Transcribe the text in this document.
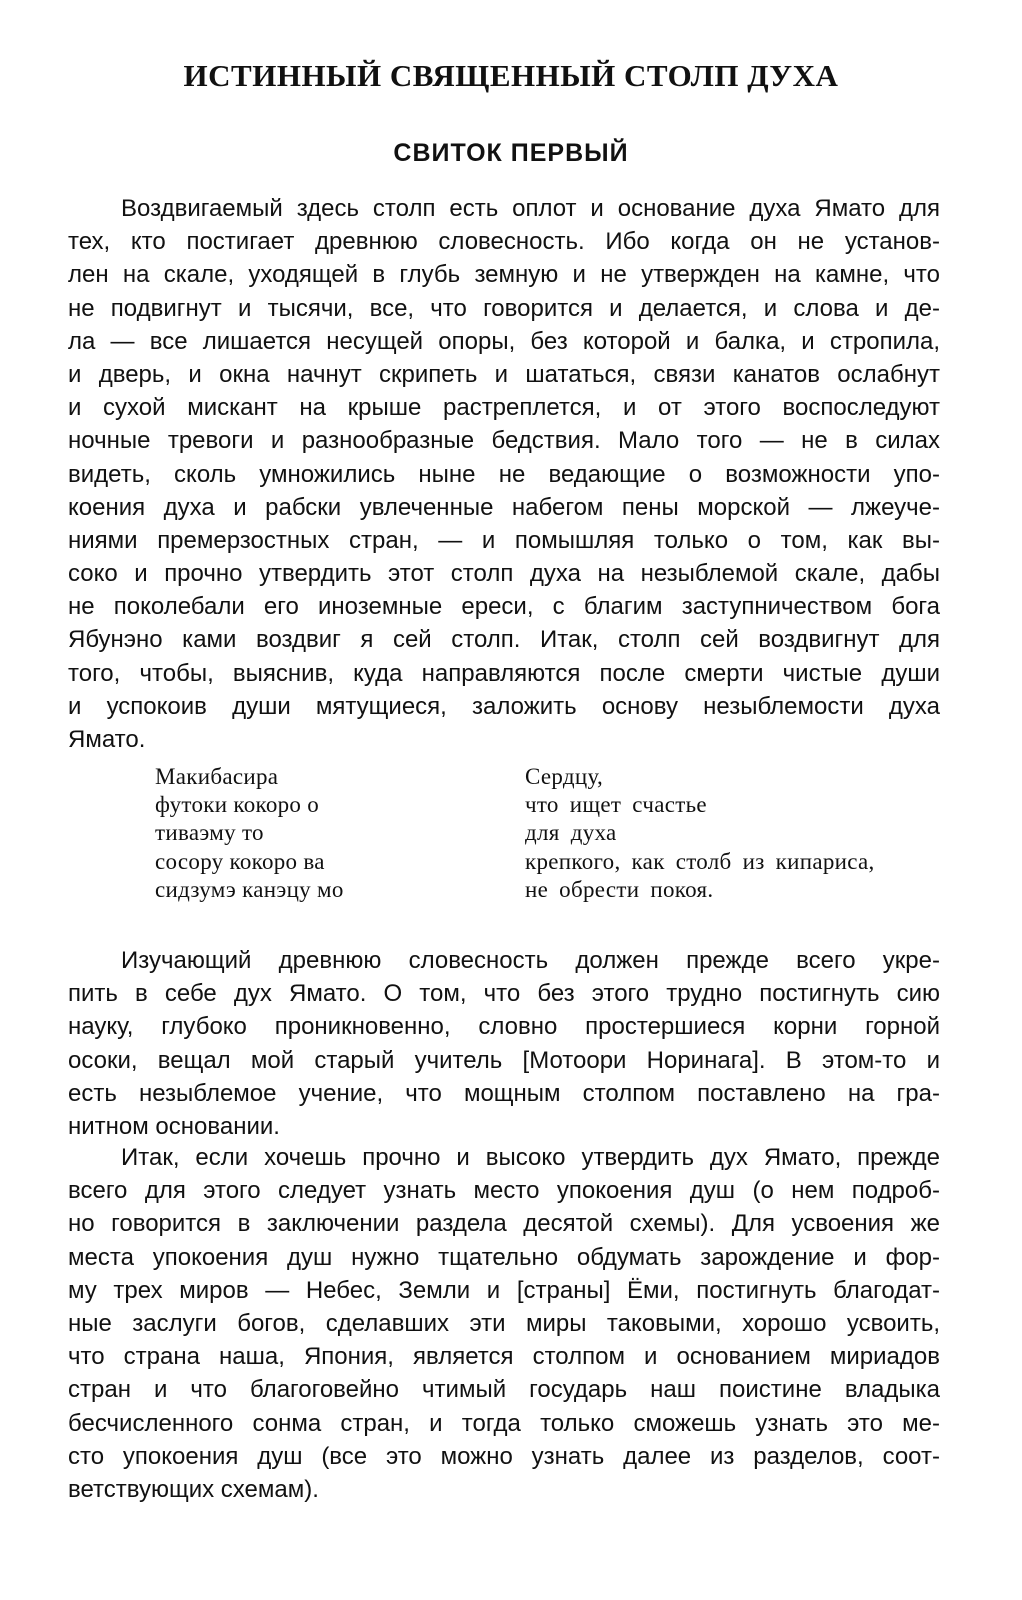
ИСТИННЫЙ СВЯЩЕННЫЙ СТОЛП ДУХА
СВИТОК ПЕРВЫЙ
Воздвигаемый здесь столп есть оплот и основание духа Ямато для
тех, кто постигает древнюю словесность. Ибо когда он не установ-
лен на скале, уходящей в глубь земную и не утвержден на камне, что
не подвигнут и тысячи, все, что говорится и делается, и слова и де-
ла — все лишается несущей опоры, без которой и балка, и стропила,
и дверь, и окна начнут скрипеть и шататься, связи канатов ослабнут
и сухой мискант на крыше растреплется, и от этого воспоследуют
ночные тревоги и разнообразные бедствия. Мало того — не в силах
видеть, сколь умножились ныне не ведающие о возможности упо-
коения духа и рабски увлеченные набегом пены морской — лжеуче-
ниями премерзостных стран, — и помышляя только о том, как вы-
соко и прочно утвердить этот столп духа на незыблемой скале, дабы
не поколебали его иноземные ереси, с благим заступничеством бога
Ябунэно ками воздвиг я сей столп. Итак, столп сей воздвигнут для
того, чтобы, выяснив, куда направляются после смерти чистые души
и успокоив души мятущиеся, заложить основу незыблемости духа
Ямато.
Макибасира
футоки кокоро о
тиваэму то
сосору кокоро ва
сидзумэ канэцу мо
Сердцу,
что ищет счастье
для духа
крепкого, как столб из кипариса,
не обрести покоя.
Изучающий древнюю словесность должен прежде всего укре-
пить в себе дух Ямато. О том, что без этого трудно постигнуть сию
науку, глубоко проникновенно, словно простершиеся корни горной
осоки, вещал мой старый учитель [Мотоори Норинага]. В этом-то и
есть незыблемое учение, что мощным столпом поставлено на гра-
нитном основании.
Итак, если хочешь прочно и высоко утвердить дух Ямато, прежде
всего для этого следует узнать место упокоения душ (о нем подроб-
но говорится в заключении раздела десятой схемы). Для усвоения же
места упокоения душ нужно тщательно обдумать зарождение и фор-
му трех миров — Небес, Земли и [страны] Ёми, постигнуть благодат-
ные заслуги богов, сделавших эти миры таковыми, хорошо усвоить,
что страна наша, Япония, является столпом и основанием мириадов
стран и что благоговейно чтимый государь наш поистине владыка
бесчисленного сонма стран, и тогда только сможешь узнать это ме-
сто упокоения душ (все это можно узнать далее из разделов, соот-
ветствующих схемам).
